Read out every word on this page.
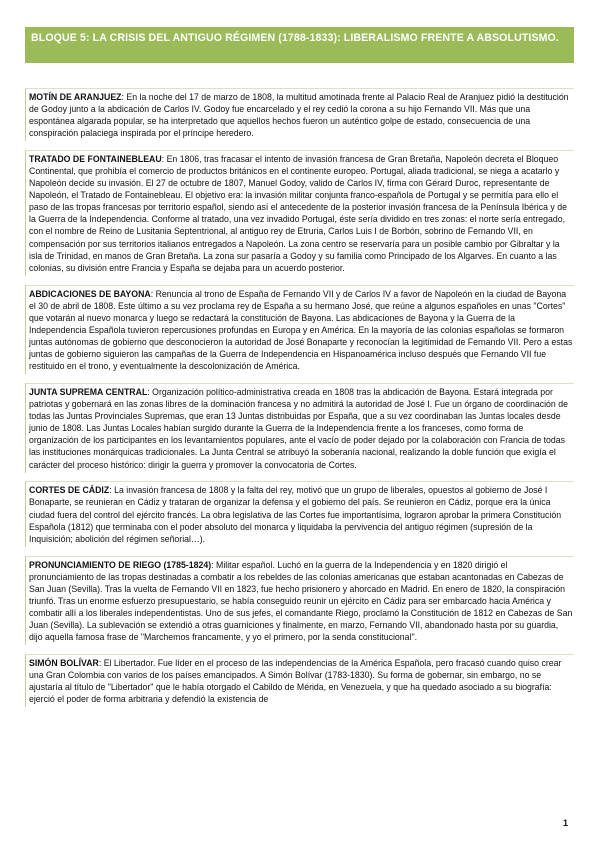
BLOQUE 5: LA CRISIS DEL ANTIGUO RÉGIMEN (1788-1833): LIBERALISMO FRENTE A ABSOLUTISMO.

MOTÍN DE ARANJUEZ: En la noche del 17 de marzo de 1808, la multitud amotinada frente al Palacio Real de Aranjuez pidió la destitución de Godoy junto a la abdicación de Carlos IV. Godoy fue encarcelado y el rey cedió la corona a su hijo Fernando VII. Más que una espontánea algarada popular, se ha interpretado que aquellos hechos fueron un auténtico golpe de estado, consecuencia de una conspiración palaciega inspirada por el príncipe heredero.

TRATADO DE FONTAINEBLEAU: En 1806, tras fracasar el intento de invasión francesa de Gran Bretaña, Napoleón decreta el Bloqueo Continental, que prohibía el comercio de productos británicos en el continente europeo. Portugal, aliada tradicional, se niega a acatarlo y Napoleón decide su invasión. El 27 de octubre de 1807, Manuel Godoy, valido de Carlos IV, firma con Gérard Duroc, representante de Napoleón, el Tratado de Fontainebleau. El objetivo era: la invasión militar conjunta franco-española de Portugal y se permitía para ello el paso de las tropas francesas por territorio español, siendo así el antecedente de la posterior invasión francesa de la Península Ibérica y de la Guerra de la Independencia. Conforme al tratado, una vez invadido Portugal, éste sería dividido en tres zonas: el norte sería entregado, con el nombre de Reino de Lusitania Septentrional, al antiguo rey de Etruria, Carlos Luis I de Borbón, sobrino de Fernando VII, en compensación por sus territorios italianos entregados a Napoleón. La zona centro se reservaría para un posible cambio por Gibraltar y la isla de Trinidad, en manos de Gran Bretaña. La zona sur pasaría a Godoy y su familia como Principado de los Algarves. En cuanto a las colonias, su división entre Francia y España se dejaba para un acuerdo posterior.

ABDICACIONES DE BAYONA: Renuncia al trono de España de Fernando VII y de Carlos IV a favor de Napoleón en la ciudad de Bayona el 30 de abril de 1808. Este último a su vez proclama rey de España a su hermano José, que reúne a algunos españoles en unas "Cortes" que votarán al nuevo monarca y luego se redactará la constitución de Bayona. Las abdicaciones de Bayona y la Guerra de la Independencia Española tuvieron repercusiones profundas en Europa y en América. En la mayoría de las colonias españolas se formaron juntas autónomas de gobierno que desconocieron la autoridad de José Bonaparte y reconocían la legitimidad de Fernando VII. Pero a estas juntas de gobierno siguieron las campañas de la Guerra de Independencia en Hispanoamérica incluso después que Fernando VII fue restituido en el trono, y eventualmente la descolonización de América.

JUNTA SUPREMA CENTRAL: Organización político-administrativa creada en 1808 tras la abdicación de Bayona. Estará integrada por patriotas y gobernará en las zonas libres de la dominación francesa y no admitirá la autoridad de José I. Fue un órgano de coordinación de todas las Juntas Provinciales Supremas, que eran 13 Juntas distribuidas por España, que a su vez coordinaban las Juntas locales desde junio de 1808. Las Juntas Locales habían surgido durante la Guerra de la Independencia frente a los franceses, como forma de organización de los participantes en los levantamientos populares, ante el vacío de poder dejado por la colaboración con Francia de todas las instituciones monárquicas tradicionales. La Junta Central se atribuyó la soberanía nacional, realizando la doble función que exigía el carácter del proceso histórico: dirigir la guerra y promover la convocatoria de Cortes.

CORTES DE CÁDIZ: La invasión francesa de 1808 y la falta del rey, motivó que un grupo de liberales, opuestos al gobierno de José I Bonaparte, se reunieran en Cádiz y trataran de organizar la defensa y el gobierno del país. Se reunieron en Cádiz, porque era la única ciudad fuera del control del ejército francés. La obra legislativa de las Cortes fue importantísima, lograron aprobar la primera Constitución Española (1812) que terminaba con el poder absoluto del monarca y liquidaba la pervivencia del antiguo régimen (supresión de la Inquisición; abolición del régimen señorial…).

PRONUNCIAMIENTO DE RIEGO (1785-1824): Militar español. Luchó en la guerra de la Independencia y en 1820 dirigió el pronunciamiento de las tropas destinadas a combatir a los rebeldes de las colonias americanas que estaban acantonadas en Cabezas de San Juan (Sevilla). Tras la vuelta de Fernando VII en 1823, fue hecho prisionero y ahorcado en Madrid. En enero de 1820, la conspiración triunfó. Tras un enorme esfuerzo presupuestario, se había conseguido reunir un ejército en Cádiz para ser embarcado hacia América y combatir allí a los liberales independentistas. Uno de sus jefes, el comandante Riego, proclamó la Constitución de 1812 en Cabezas de San Juan (Sevilla). La sublevación se extendió a otras guarniciones y finalmente, en marzo, Fernando VII, abandonado hasta por su guardia, dijo aquella famosa frase de "Marchemos francamente, y yo el primero, por la senda constitucional".

SIMÓN BOLÍVAR: El Libertador. Fue líder en el proceso de las independencias de la América Española, pero fracasó cuando quiso crear una Gran Colombia con varios de los países emancipados. A Simón Bolívar (1783-1830). Su forma de gobernar, sin embargo, no se ajustaría al título de "Libertador" que le había otorgado el Cabildo de Mérida, en Venezuela, y que ha quedado asociado a su biografía: ejerció el poder de forma arbitraria y defendió la existencia de

1
